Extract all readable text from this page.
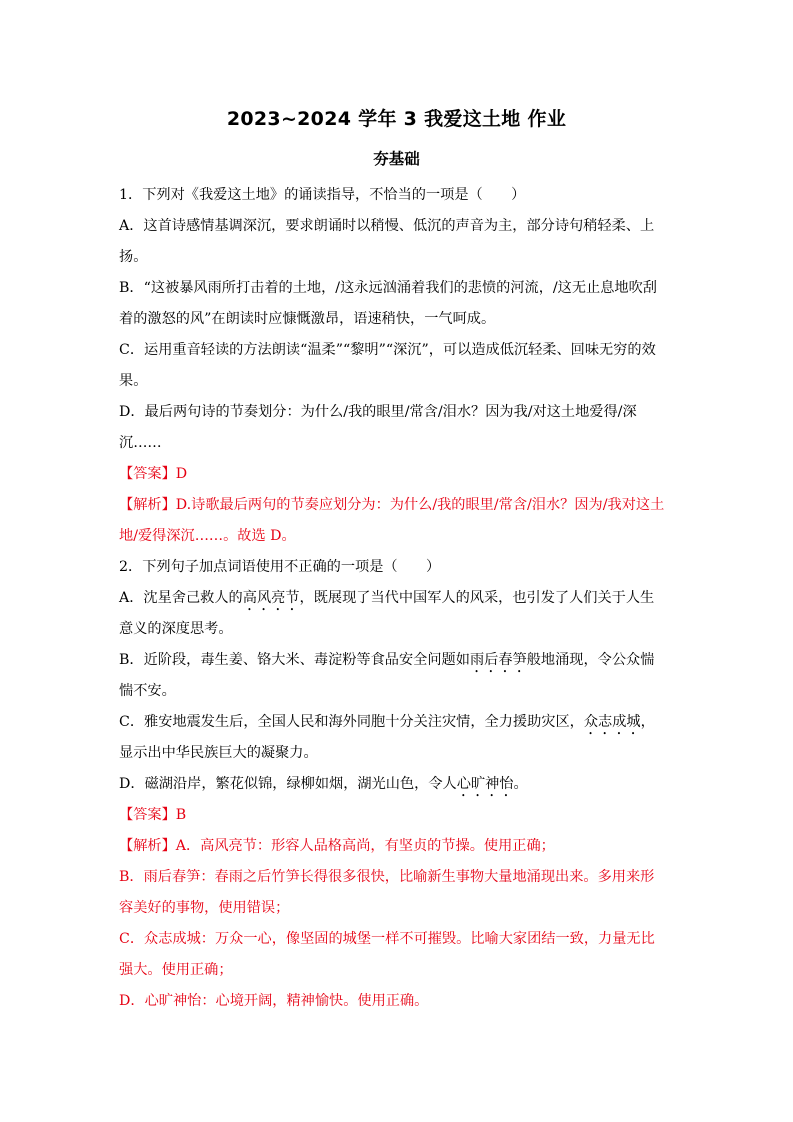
2023~2024 学年 3 我爱这土地 作业
夯基础
1．下列对《我爱这土地》的诵读指导，不恰当的一项是（　　）
A．这首诗感情基调深沉，要求朗诵时以稍慢、低沉的声音为主，部分诗句稍轻柔、上
扬。
B．“这被暴风雨所打击着的土地，/这永远汹涌着我们的悲愤的河流，/这无止息地吹刮
着的激怒的风”在朗读时应慷慨激昂，语速稍快，一气呵成。
C．运用重音轻读的方法朗读“温柔”“黎明”“深沉”，可以造成低沉轻柔、回味无穷的效
果。
D．最后两句诗的节奏划分：为什么/我的眼里/常含/泪水？因为我/对这土地爱得/深
沉……
【答案】D
【解析】D.诗歌最后两句的节奏应划分为：为什么/我的眼里/常含/泪水？因为/我对这土
地/爱得深沉……。故选 D。
2．下列句子加点词语使用不正确的一项是（　　）
A．沈星舍己救人的高风亮节，既展现了当代中国军人的风采，也引发了人们关于人生
意义的深度思考。
B．近阶段，毒生姜、铬大米、毒淀粉等食品安全问题如雨后春笋般地涌现，令公众惴
惴不安。
C．雅安地震发生后，全国人民和海外同胞十分关注灾情，全力援助灾区，众志成城，
显示出中华民族巨大的凝聚力。
D．磁湖沿岸，繁花似锦，绿柳如烟，湖光山色，令人心旷神怡。
【答案】B
【解析】A．高风亮节：形容人品格高尚，有坚贞的节操。使用正确；
B．雨后春笋：春雨之后竹笋长得很多很快，比喻新生事物大量地涌现出来。多用来形
容美好的事物，使用错误；
C．众志成城：万众一心，像坚固的城堡一样不可摧毁。比喻大家团结一致，力量无比
强大。使用正确；
D．心旷神怡：心境开阔，精神愉快。使用正确。
